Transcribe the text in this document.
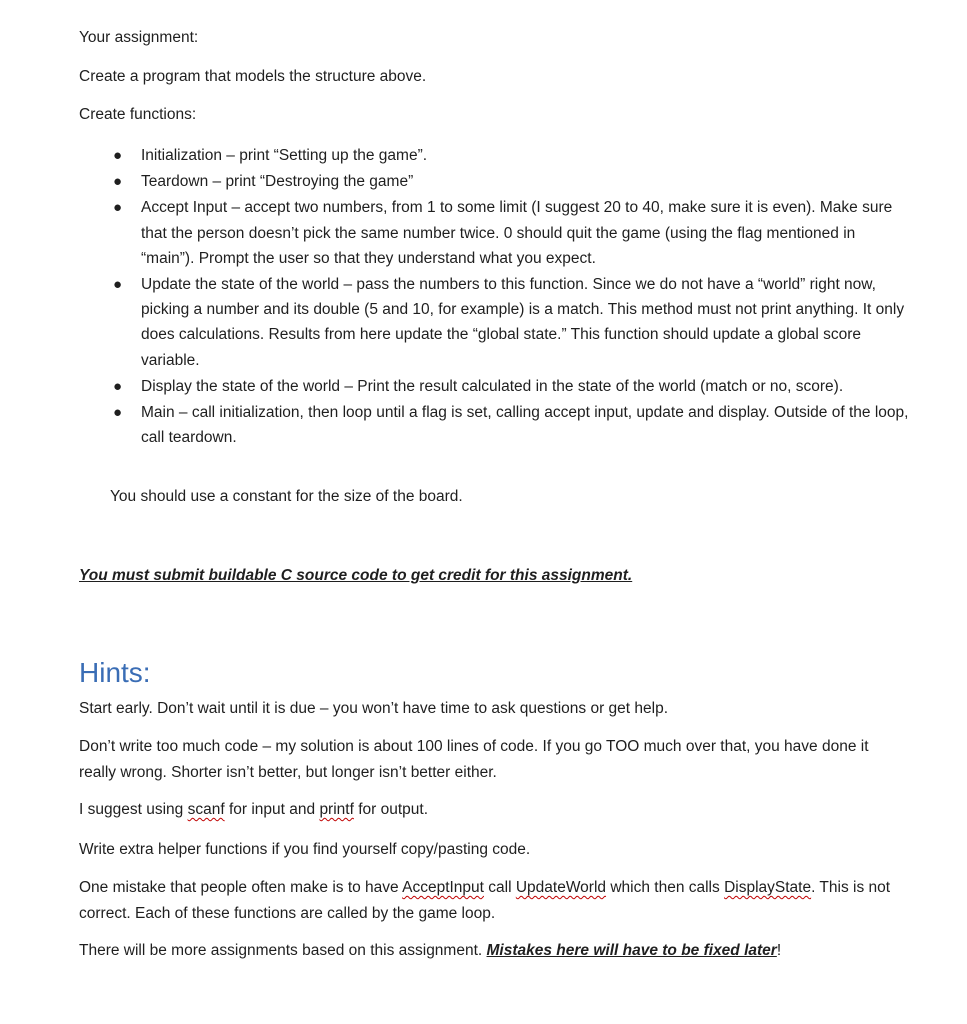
Your assignment:
Create a program that models the structure above.
Create functions:
● Initialization – print “Setting up the game”.
● Teardown – print “Destroying the game”
● Accept Input – accept two numbers, from 1 to some limit (I suggest 20 to 40, make sure it is even). Make sure that the person doesn’t pick the same number twice. 0 should quit the game (using the flag mentioned in “main”). Prompt the user so that they understand what you expect.
● Update the state of the world – pass the numbers to this function. Since we do not have a “world” right now, picking a number and its double (5 and 10, for example) is a match. This method must not print anything. It only does calculations. Results from here update the “global state.” This function should update a global score variable.
● Display the state of the world – Print the result calculated in the state of the world (match or no, score).
● Main – call initialization, then loop until a flag is set, calling accept input, update and display. Outside of the loop, call teardown.
You should use a constant for the size of the board.
You must submit buildable C source code to get credit for this assignment.
Hints:
Start early. Don’t wait until it is due – you won’t have time to ask questions or get help.
Don’t write too much code – my solution is about 100 lines of code. If you go TOO much over that, you have done it really wrong. Shorter isn’t better, but longer isn’t better either.
I suggest using scanf for input and printf for output.
Write extra helper functions if you find yourself copy/pasting code.
One mistake that people often make is to have AcceptInput call UpdateWorld which then calls DisplayState. This is not correct. Each of these functions are called by the game loop.
There will be more assignments based on this assignment. Mistakes here will have to be fixed later!
